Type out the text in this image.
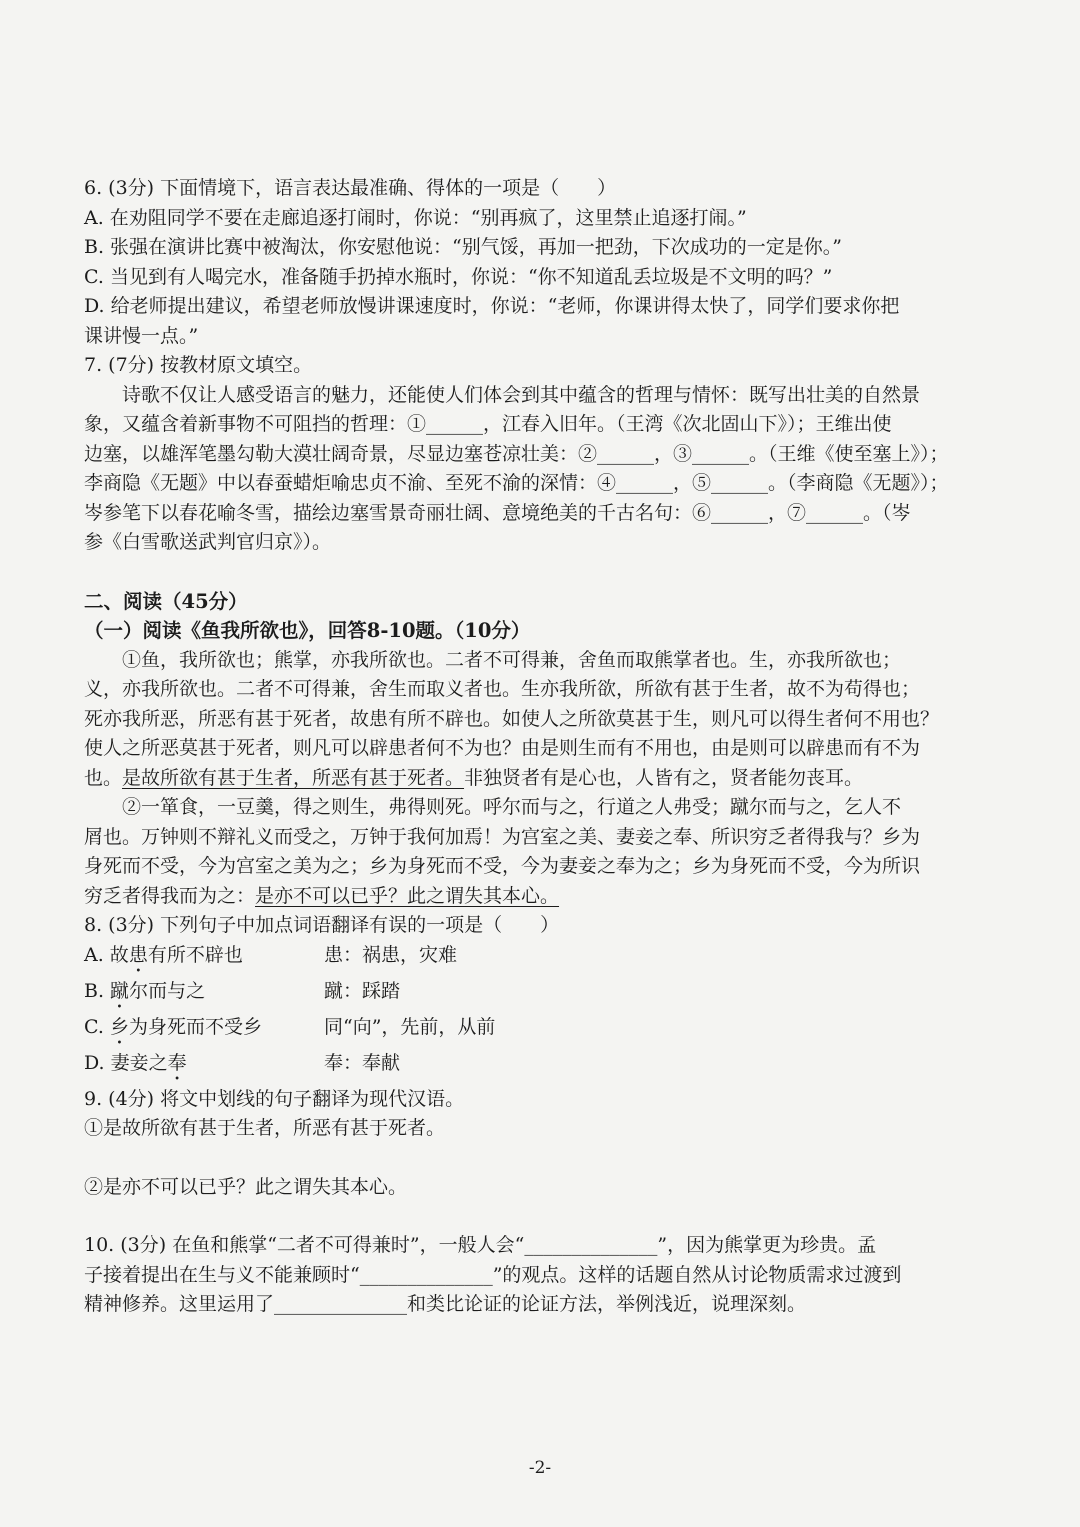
6. (3分) 下面情境下，语言表达最准确、得体的一项是（　　）
A. 在劝阻同学不要在走廊追逐打闹时，你说：“别再疯了，这里禁止追逐打闹。”
B. 张强在演讲比赛中被淘汰，你安慰他说：“别气馁，再加一把劲，下次成功的一定是你。”
C. 当见到有人喝完水，准备随手扔掉水瓶时，你说：“你不知道乱丢垃圾是不文明的吗？”
D. 给老师提出建议，希望老师放慢讲课速度时，你说：“老师，你课讲得太快了，同学们要求你把
课讲慢一点。”
7. (7分) 按教材原文填空。
诗歌不仅让人感受语言的魅力，还能使人们体会到其中蕴含的哲理与情怀：既写出壮美的自然景
象，又蕴含着新事物不可阻挡的哲理：①______，江春入旧年。（王湾《次北固山下》）；王维出使
边塞，以雄浑笔墨勾勒大漠壮阔奇景，尽显边塞苍凉壮美：②______，③______。（王维《使至塞上》）；
李商隐《无题》中以春蚕蜡炬喻忠贞不渝、至死不渝的深情：④______，⑤______。（李商隐《无题》）；
岑参笔下以春花喻冬雪，描绘边塞雪景奇丽壮阔、意境绝美的千古名句：⑥______，⑦______。（岑
参《白雪歌送武判官归京》）。
二、阅读（45分）
（一）阅读《鱼我所欲也》，回答8-10题。（10分）
①鱼，我所欲也；熊掌，亦我所欲也。二者不可得兼，舍鱼而取熊掌者也。生，亦我所欲也；
义，亦我所欲也。二者不可得兼，舍生而取义者也。生亦我所欲，所欲有甚于生者，故不为苟得也；
死亦我所恶，所恶有甚于死者，故患有所不辟也。如使人之所欲莫甚于生，则凡可以得生者何不用也？
使人之所恶莫甚于死者，则凡可以辟患者何不为也？由是则生而有不用也，由是则可以辟患而有不为
也。是故所欲有甚于生者，所恶有甚于死者。非独贤者有是心也，人皆有之，贤者能勿丧耳。
②一箪食，一豆羹，得之则生，弗得则死。呼尔而与之，行道之人弗受；蹴尔而与之，乞人不
屑也。万钟则不辩礼义而受之，万钟于我何加焉！为宫室之美、妻妾之奉、所识穷乏者得我与？乡为
身死而不受，今为宫室之美为之；乡为身死而不受，今为妻妾之奉为之；乡为身死而不受，今为所识
穷乏者得我而为之：是亦不可以已乎？此之谓失其本心。
8. (3分) 下列句子中加点词语翻译有误的一项是（　　）
A. 故患有所不辟也	患：祸患，灾难
B. 蹴尔而与之	蹴：踩踏
C. 乡为身死而不受乡	同“向”，先前，从前
D. 妻妾之奉	奉：奉献
9. (4分) 将文中划线的句子翻译为现代汉语。
①是故所欲有甚于生者，所恶有甚于死者。
②是亦不可以已乎？此之谓失其本心。
10. (3分) 在鱼和熊掌“二者不可得兼时”，一般人会“______________”，因为熊掌更为珍贵。孟
子接着提出在生与义不能兼顾时“______________”的观点。这样的话题自然从讨论物质需求过渡到
精神修养。这里运用了______________和类比论证的论证方法，举例浅近，说理深刻。
-2-
